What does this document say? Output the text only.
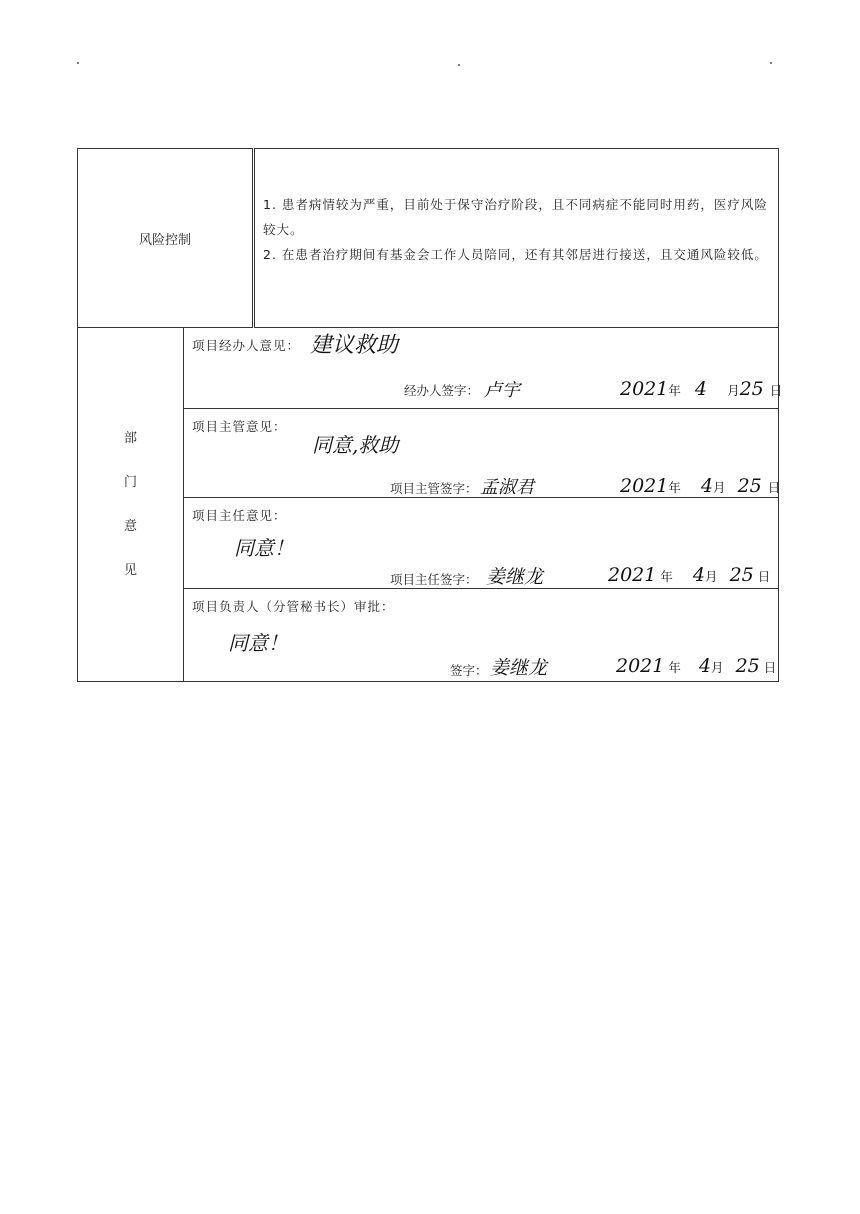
风险控制		1. 患者病情较为严重，目前处于保守治疗阶段，且不同病症不能同时用药，医疗风险较大。
2. 在患者治疗期间有基金会工作人员陪同，还有其邻居进行接送，且交通风险较低。

部
门
意
见	项目经办人意见： 建议救助
经办人签字： 卢宇 2021年 4 月25 日	

	项目主管意见：
同意,救助
项目主管签字： 孟淑君 2021年 4月 25 日	

	项目主任意见：
同意！
项目主任签字： 姜继龙 2021 年 4月 25 日	

	项目负责人（分管秘书长）审批：
同意！
签字： 姜继龙 2021 年 4月 25 日	
